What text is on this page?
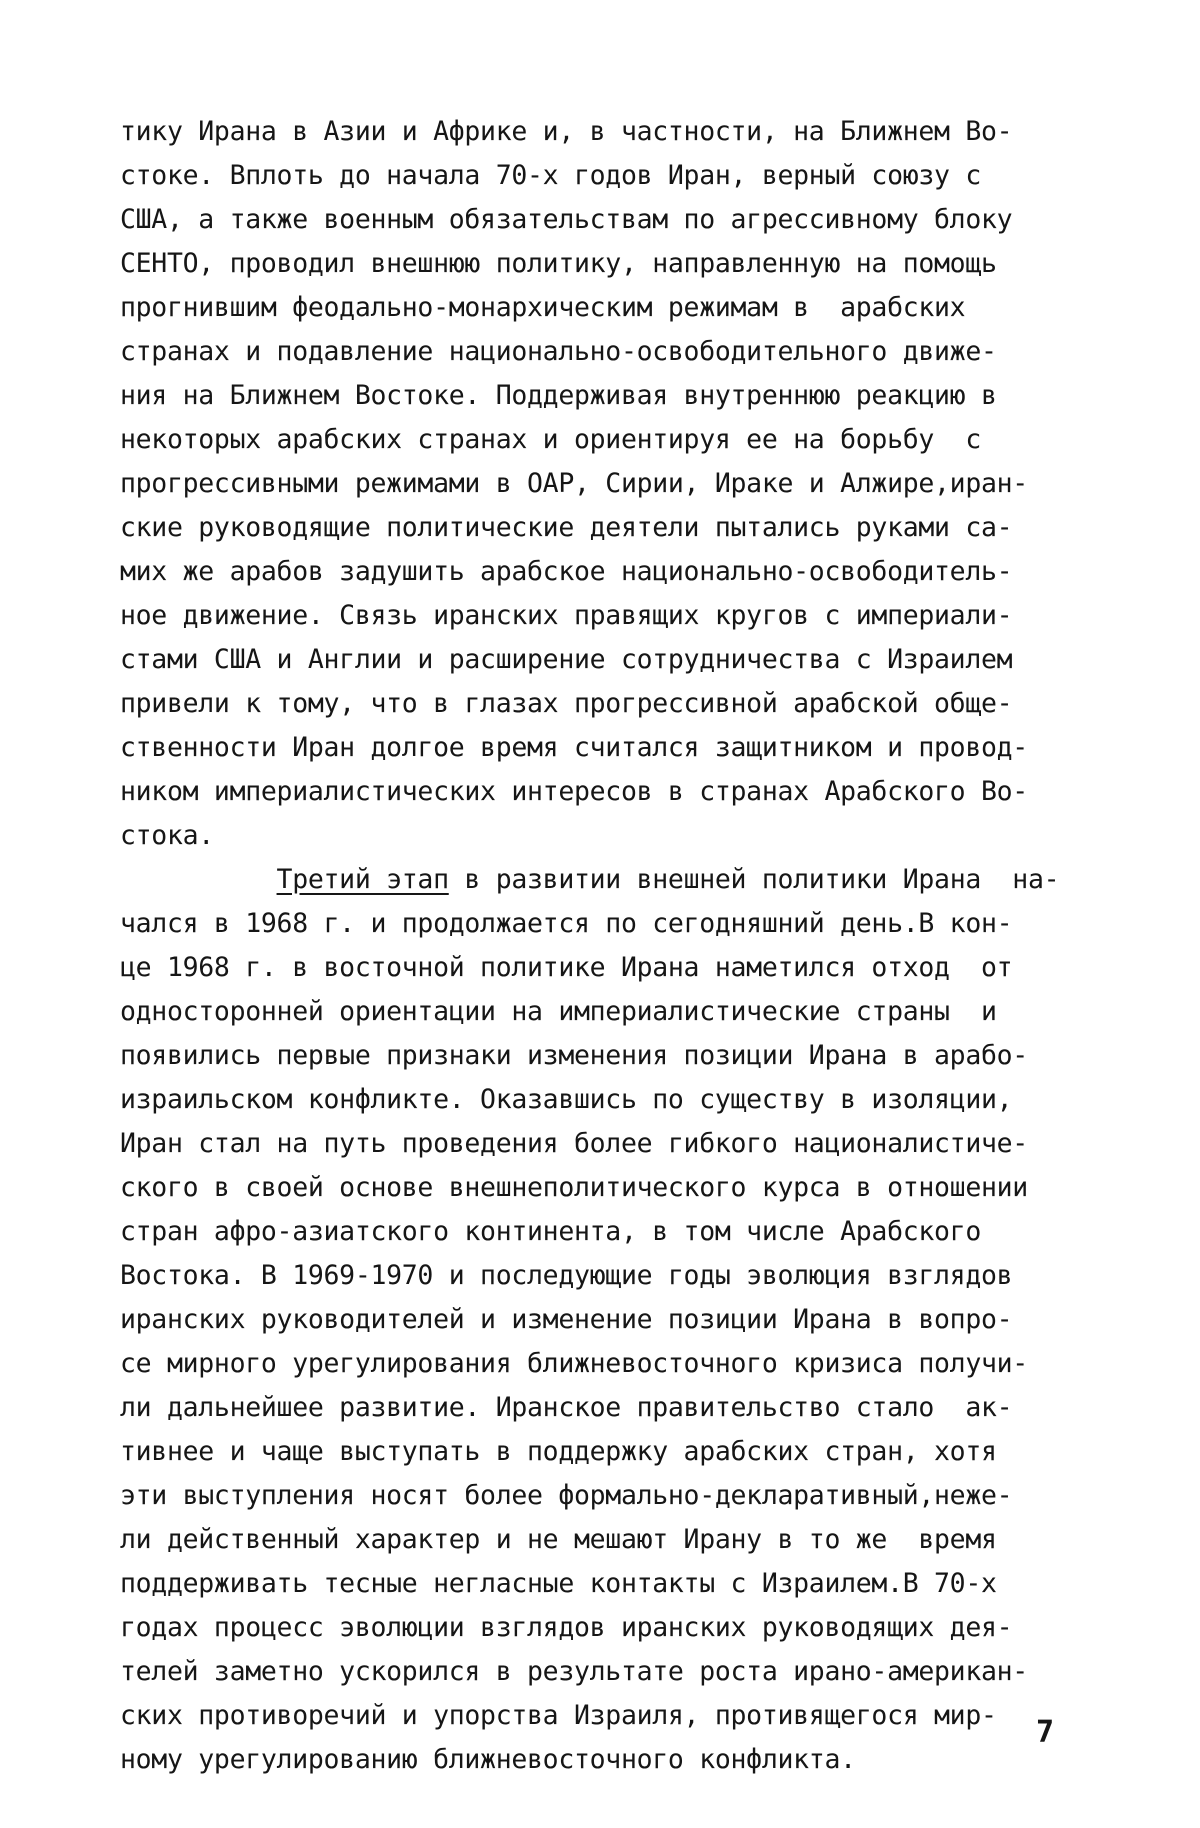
тику Ирана в Азии и Африке и, в частности, на Ближнем Во-
стоке. Вплоть до начала 70-х годов Иран, верный союзу с
США, а также военным обязательствам по агрессивному блоку
СЕНТО, проводил внешнюю политику, направленную на помощь
прогнившим феодально-монархическим режимам в  арабских
странах и подавление национально-освободительного движе-
ния на Ближнем Востоке. Поддерживая внутреннюю реакцию в
некоторых арабских странах и ориентируя ее на борьбу  с
прогрессивными режимами в ОАР, Сирии, Ираке и Алжире,иран-
ские руководящие политические деятели пытались руками са-
мих же арабов задушить арабское национально-освободитель-
ное движение. Связь иранских правящих кругов с империали-
стами США и Англии и расширение сотрудничества с Израилем
привели к тому, что в глазах прогрессивной арабской обще-
ственности Иран долгое время считался защитником и провод-
ником империалистических интересов в странах Арабского Во-
стока.
Третий этап в развитии внешней политики Ирана  на-
чался в 1968 г. и продолжается по сегодняшний день.В кон-
це 1968 г. в восточной политике Ирана наметился отход  от
односторонней ориентации на империалистические страны  и
появились первые признаки изменения позиции Ирана в арабо-
израильском конфликте. Оказавшись по существу в изоляции,
Иран стал на путь проведения более гибкого националистиче-
ского в своей основе внешнеполитического курса в отношении
стран афро-азиатского континента, в том числе Арабского
Востока. В 1969-1970 и последующие годы эволюция взглядов
иранских руководителей и изменение позиции Ирана в вопро-
се мирного урегулирования ближневосточного кризиса получи-
ли дальнейшее развитие. Иранское правительство стало  ак-
тивнее и чаще выступать в поддержку арабских стран, хотя
эти выступления носят более формально-декларативный,неже-
ли действенный характер и не мешают Ирану в то же  время
поддерживать тесные негласные контакты с Израилем.В 70-х
годах процесс эволюции взглядов иранских руководящих дея-
телей заметно ускорился в результате роста ирано-американ-
ских противоречий и упорства Израиля, противящегося мир-
ному урегулированию ближневосточного конфликта.
7
